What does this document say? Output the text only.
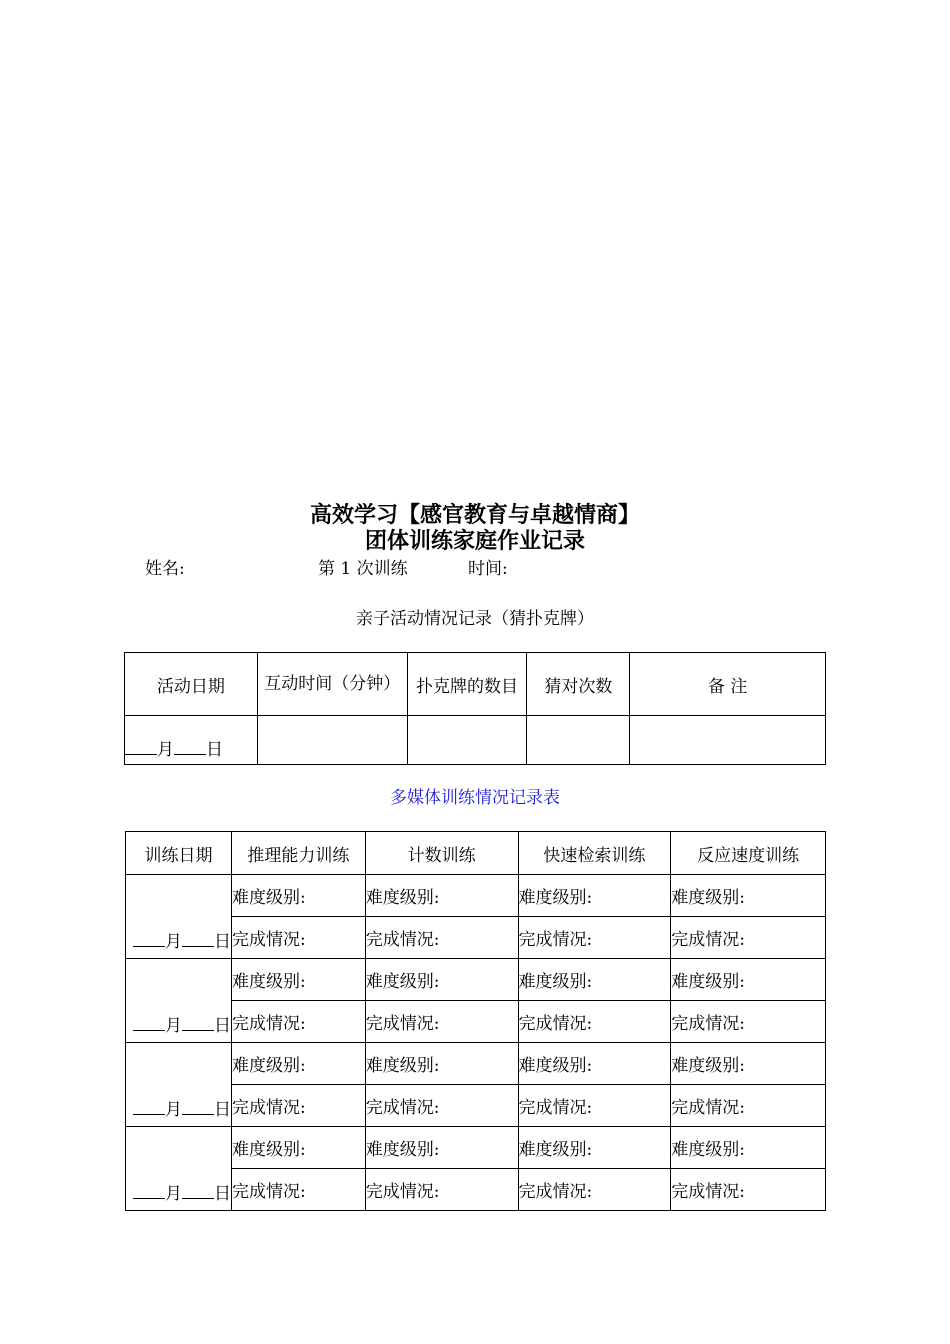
高效学习【感官教育与卓越情商】
团体训练家庭作业记录
姓名:	第 1 次训练	时间:
亲子活动情况记录（猜扑克牌）
活动日期	互动时间（分钟）	扑克牌的数目	猜对次数	备 注
月 日				
多媒体训练情况记录表
训练日期	推理能力训练	计数训练	快速检索训练	反应速度训练
月 日	难度级别:	难度级别:	难度级别:	难度级别:
	完成情况:	完成情况:	完成情况:	完成情况:
月 日	难度级别:	难度级别:	难度级别:	难度级别:
	完成情况:	完成情况:	完成情况:	完成情况:
月 日	难度级别:	难度级别:	难度级别:	难度级别:
	完成情况:	完成情况:	完成情况:	完成情况:
月 日	难度级别:	难度级别:	难度级别:	难度级别:
	完成情况:	完成情况:	完成情况:	完成情况:
